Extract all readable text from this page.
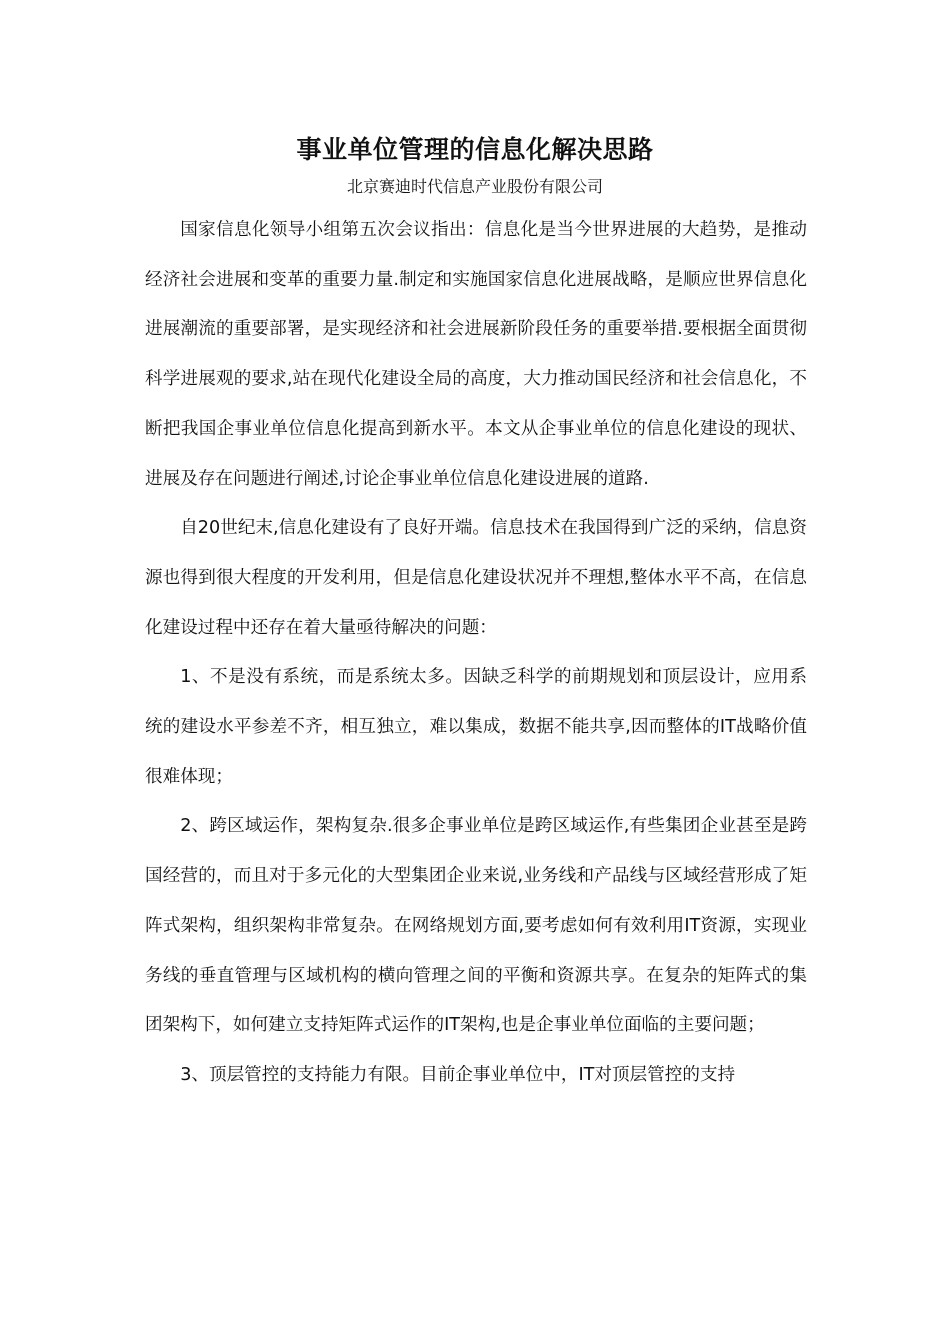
事业单位管理的信息化解决思路
北京赛迪时代信息产业股份有限公司

国家信息化领导小组第五次会议指出：信息化是当今世界进展的大趋势，是推动经济社会进展和变革的重要力量.制定和实施国家信息化进展战略，是顺应世界信息化进展潮流的重要部署，是实现经济和社会进展新阶段任务的重要举措.要根据全面贯彻科学进展观的要求,站在现代化建设全局的高度，大力推动国民经济和社会信息化，不断把我国企事业单位信息化提高到新水平。本文从企事业单位的信息化建设的现状、进展及存在问题进行阐述,讨论企事业单位信息化建设进展的道路.

自20世纪末,信息化建设有了良好开端。信息技术在我国得到广泛的采纳，信息资源也得到很大程度的开发利用，但是信息化建设状况并不理想,整体水平不高，在信息化建设过程中还存在着大量亟待解决的问题：

1、不是没有系统，而是系统太多。因缺乏科学的前期规划和顶层设计，应用系统的建设水平参差不齐，相互独立，难以集成，数据不能共享,因而整体的IT战略价值很难体现；

2、跨区域运作，架构复杂.很多企事业单位是跨区域运作,有些集团企业甚至是跨国经营的，而且对于多元化的大型集团企业来说,业务线和产品线与区域经营形成了矩阵式架构，组织架构非常复杂。在网络规划方面,要考虑如何有效利用IT资源，实现业务线的垂直管理与区域机构的横向管理之间的平衡和资源共享。在复杂的矩阵式的集团架构下，如何建立支持矩阵式运作的IT架构,也是企事业单位面临的主要问题；

3、顶层管控的支持能力有限。目前企事业单位中，IT对顶层管控的支持
